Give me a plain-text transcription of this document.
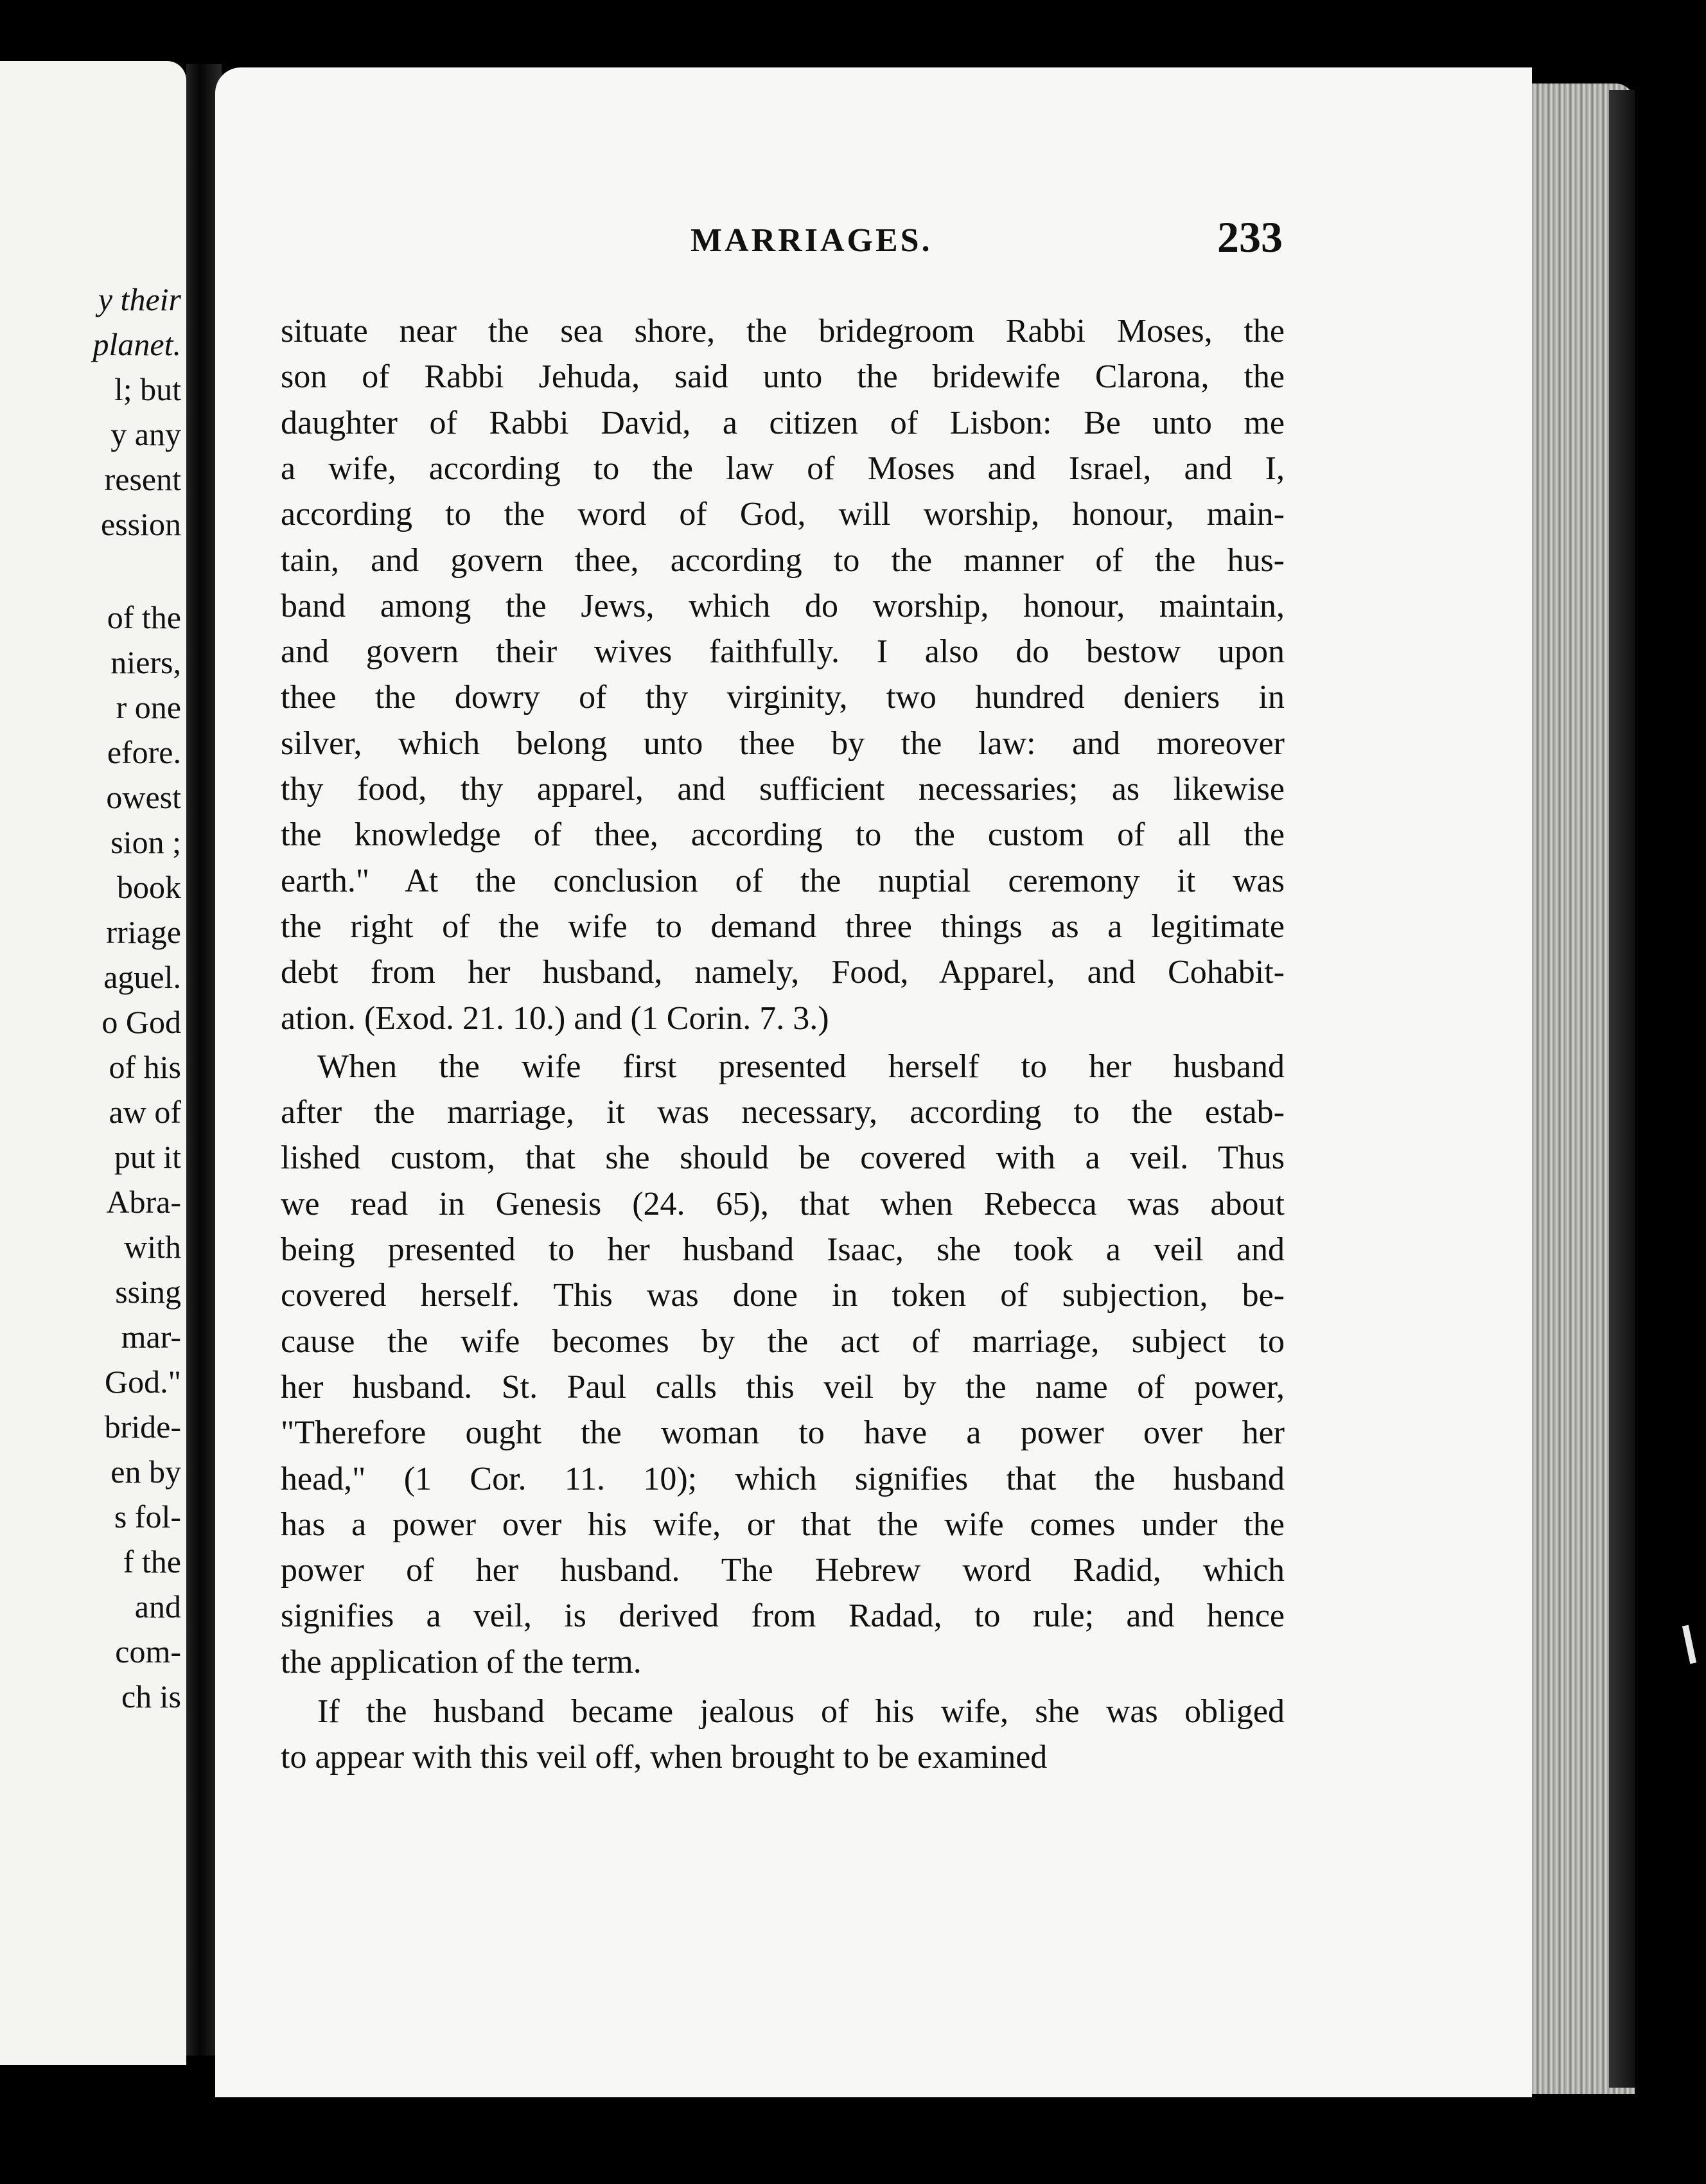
y their
planet.
l; but
y any
resent
ession
of the
niers,
r one
efore.
owest
sion ;
book
rriage
aguel.
o God
of his
aw of
put it
Abra-
with
ssing
mar-
God."
bride-
en by
s fol-
f the
and
com-
ch is
MARRIAGES.	233
situate near the sea shore, the bridegroom Rabbi Moses, the
son of Rabbi Jehuda, said unto the bridewife Clarona, the
daughter of Rabbi David, a citizen of Lisbon: Be unto me
a wife, according to the law of Moses and Israel, and I,
according to the word of God, will worship, honour, main-
tain, and govern thee, according to the manner of the hus-
band among the Jews, which do worship, honour, maintain,
and govern their wives faithfully. I also do bestow upon
thee the dowry of thy virginity, two hundred deniers in
silver, which belong unto thee by the law: and moreover
thy food, thy apparel, and sufficient necessaries; as likewise
the knowledge of thee, according to the custom of all the
earth." At the conclusion of the nuptial ceremony it was
the right of the wife to demand three things as a legitimate
debt from her husband, namely, Food, Apparel, and Cohabit-
ation. (Exod. 21. 10.) and (1 Corin. 7. 3.)
When the wife first presented herself to her husband
after the marriage, it was necessary, according to the estab-
lished custom, that she should be covered with a veil. Thus
we read in Genesis (24. 65), that when Rebecca was about
being presented to her husband Isaac, she took a veil and
covered herself. This was done in token of subjection, be-
cause the wife becomes by the act of marriage, subject to
her husband. St. Paul calls this veil by the name of power,
"Therefore ought the woman to have a power over her
head," (1 Cor. 11. 10); which signifies that the husband
has a power over his wife, or that the wife comes under the
power of her husband. The Hebrew word Radid, which
signifies a veil, is derived from Radad, to rule; and hence
the application of the term.
If the husband became jealous of his wife, she was obliged
to appear with this veil off, when brought to be examined
